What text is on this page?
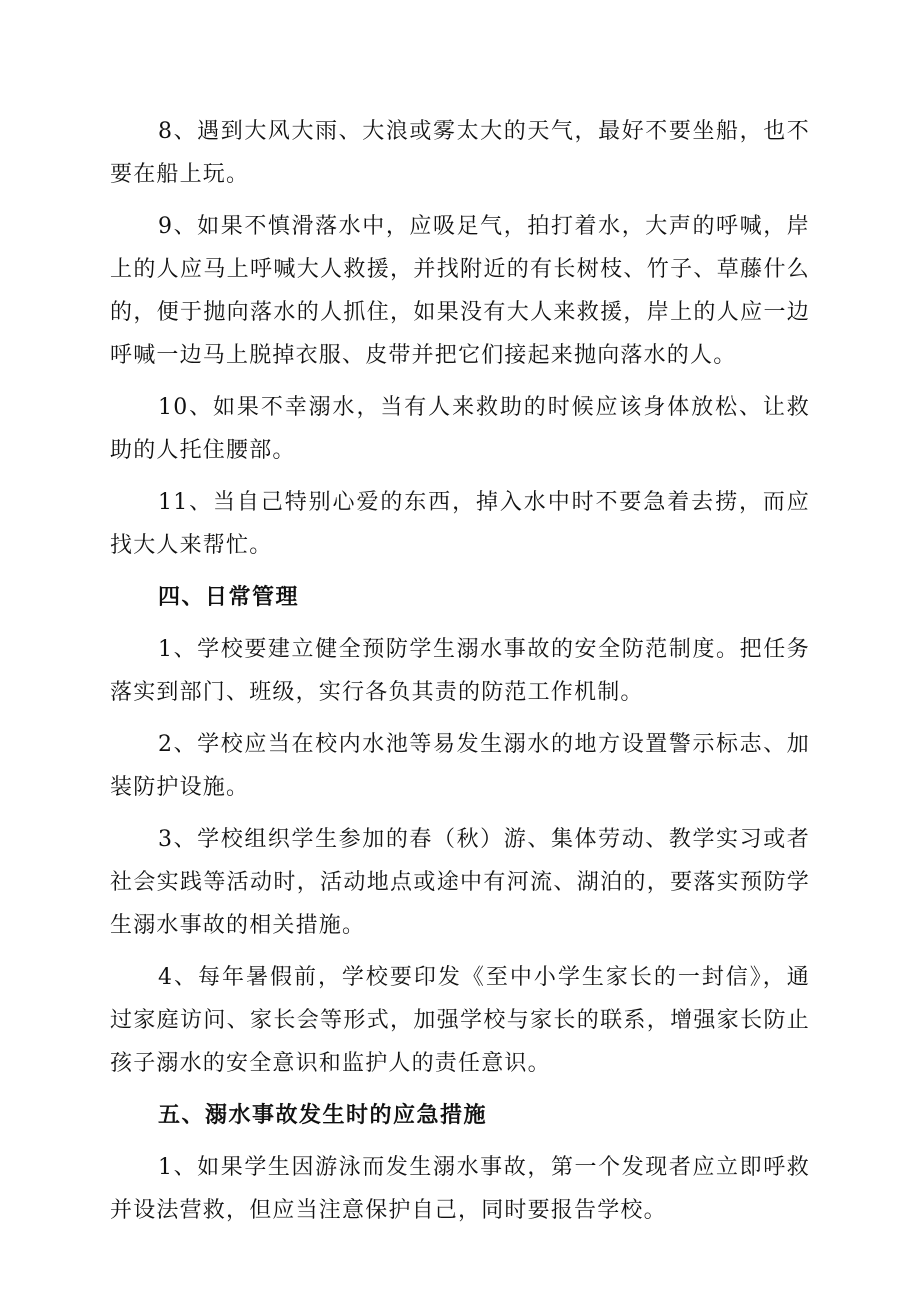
8、遇到大风大雨、大浪或雾太大的天气，最好不要坐船，也不要在船上玩。

9、如果不慎滑落水中，应吸足气，拍打着水，大声的呼喊，岸上的人应马上呼喊大人救援，并找附近的有长树枝、竹子、草藤什么的，便于抛向落水的人抓住，如果没有大人来救援，岸上的人应一边呼喊一边马上脱掉衣服、皮带并把它们接起来抛向落水的人。

10、如果不幸溺水，当有人来救助的时候应该身体放松、让救助的人托住腰部。

11、当自己特别心爱的东西，掉入水中时不要急着去捞，而应找大人来帮忙。

四、日常管理

1、学校要建立健全预防学生溺水事故的安全防范制度。把任务落实到部门、班级，实行各负其责的防范工作机制。

2、学校应当在校内水池等易发生溺水的地方设置警示标志、加装防护设施。

3、学校组织学生参加的春（秋）游、集体劳动、教学实习或者社会实践等活动时，活动地点或途中有河流、湖泊的，要落实预防学生溺水事故的相关措施。

4、每年暑假前，学校要印发《至中小学生家长的一封信》，通过家庭访问、家长会等形式，加强学校与家长的联系，增强家长防止孩子溺水的安全意识和监护人的责任意识。

五、溺水事故发生时的应急措施

1、如果学生因游泳而发生溺水事故，第一个发现者应立即呼救并设法营救，但应当注意保护自己，同时要报告学校。
